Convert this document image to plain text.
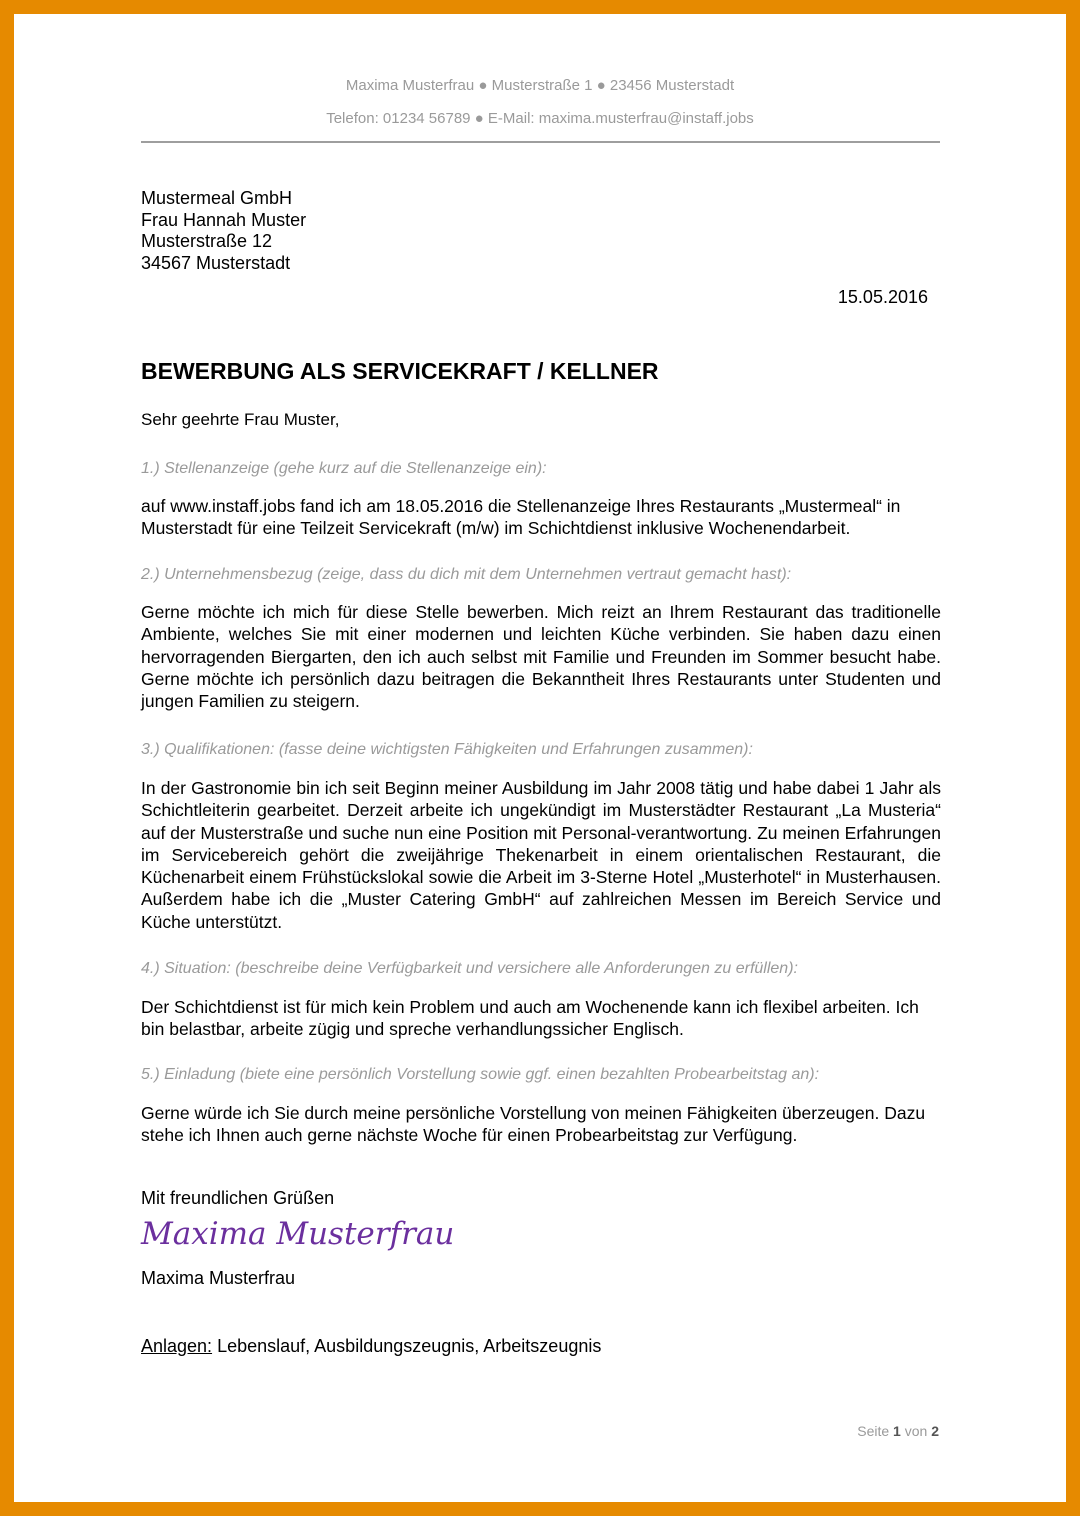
Maxima Musterfrau ● Musterstraße 1 ● 23456 Musterstadt
Telefon: 01234 56789 ● E-Mail: maxima.musterfrau@instaff.jobs
Mustermeal GmbH
Frau Hannah Muster
Musterstraße 12
34567 Musterstadt
15.05.2016
BEWERBUNG ALS SERVICEKRAFT / KELLNER
Sehr geehrte Frau Muster,
1.) Stellenanzeige (gehe kurz auf die Stellenanzeige ein):
auf www.instaff.jobs fand ich am 18.05.2016 die Stellenanzeige Ihres Restaurants „Mustermeal“ in Musterstadt für eine Teilzeit Servicekraft (m/w) im Schichtdienst inklusive Wochenendarbeit.
2.) Unternehmensbezug (zeige, dass du dich mit dem Unternehmen vertraut gemacht hast):
Gerne möchte ich mich für diese Stelle bewerben. Mich reizt an Ihrem Restaurant das traditionelle Ambiente, welches Sie mit einer modernen und leichten Küche verbinden. Sie haben dazu einen hervorragenden Biergarten, den ich auch selbst mit Familie und Freunden im Sommer besucht habe. Gerne möchte ich persönlich dazu beitragen die Bekanntheit Ihres Restaurants unter Studenten und jungen Familien zu steigern.
3.) Qualifikationen: (fasse deine wichtigsten Fähigkeiten und Erfahrungen zusammen):
In der Gastronomie bin ich seit Beginn meiner Ausbildung im Jahr 2008 tätig und habe dabei 1 Jahr als Schichtleiterin gearbeitet. Derzeit arbeite ich ungekündigt im Musterstädter Restaurant „La Musteria“ auf der Musterstraße und suche nun eine Position mit Personal-verantwortung. Zu meinen Erfahrungen im Servicebereich gehört die zweijährige Thekenarbeit in einem orientalischen Restaurant, die Küchenarbeit einem Frühstückslokal sowie die Arbeit im 3-Sterne Hotel „Musterhotel“ in Musterhausen. Außerdem habe ich die „Muster Catering GmbH“ auf zahlreichen Messen im Bereich Service und Küche unterstützt.
4.) Situation: (beschreibe deine Verfügbarkeit und versichere alle Anforderungen zu erfüllen):
Der Schichtdienst ist für mich kein Problem und auch am Wochenende kann ich flexibel arbeiten. Ich bin belastbar, arbeite zügig und spreche verhandlungssicher Englisch.
5.) Einladung (biete eine persönlich Vorstellung sowie ggf. einen bezahlten Probearbeitstag an):
Gerne würde ich Sie durch meine persönliche Vorstellung von meinen Fähigkeiten überzeugen. Dazu stehe ich Ihnen auch gerne nächste Woche für einen Probearbeitstag zur Verfügung.
Mit freundlichen Grüßen
Maxima Musterfrau
Maxima Musterfrau
Anlagen: Lebenslauf, Ausbildungszeugnis, Arbeitszeugnis
Seite 1 von 2
